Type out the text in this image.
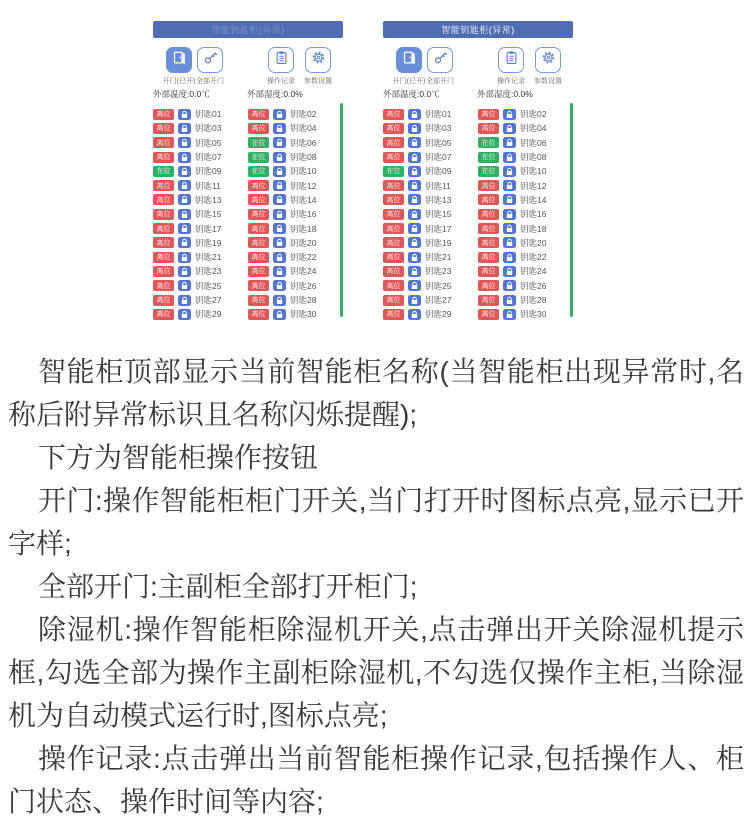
智能钥匙柜(异常)
开门(已开) 全部开门	操作记录 参数设置
外部温度:0.0℃	外部湿度:0.0%
离位	钥匙01	离位	钥匙02
离位	钥匙03	离位	钥匙04
离位	钥匙05	在位	钥匙06
离位	钥匙07	在位	钥匙08
在位	钥匙09	在位	钥匙10
离位	钥匙11	离位	钥匙12
离位	钥匙13	离位	钥匙14
离位	钥匙15	离位	钥匙16
离位	钥匙17	离位	钥匙18
离位	钥匙19	离位	钥匙20
离位	钥匙21	离位	钥匙22
离位	钥匙23	离位	钥匙24
离位	钥匙25	离位	钥匙26
离位	钥匙27	离位	钥匙28
离位	钥匙29	离位	钥匙30
智能钥匙柜(异常)
开门(已开) 全部开门	操作记录 参数设置
外部温度:0.0℃	外部湿度:0.0%
离位	钥匙01	离位	钥匙02
离位	钥匙03	离位	钥匙04
离位	钥匙05	在位	钥匙06
离位	钥匙07	在位	钥匙08
在位	钥匙09	在位	钥匙10
离位	钥匙11	离位	钥匙12
离位	钥匙13	离位	钥匙14
离位	钥匙15	离位	钥匙16
离位	钥匙17	离位	钥匙18
离位	钥匙19	离位	钥匙20
离位	钥匙21	离位	钥匙22
离位	钥匙23	离位	钥匙24
离位	钥匙25	离位	钥匙26
离位	钥匙27	离位	钥匙28
离位	钥匙29	离位	钥匙30

智能柜顶部显示当前智能柜名称(当智能柜出现异常时,名称后附异常标识且名称闪烁提醒);

下方为智能柜操作按钮

开门:操作智能柜柜门开关,当门打开时图标点亮,显示已开字样;

全部开门:主副柜全部打开柜门;

除湿机:操作智能柜除湿机开关,点击弹出开关除湿机提示框,勾选全部为操作主副柜除湿机,不勾选仅操作主柜,当除湿机为自动模式运行时,图标点亮;

操作记录:点击弹出当前智能柜操作记录,包括操作人、柜门状态、操作时间等内容;
